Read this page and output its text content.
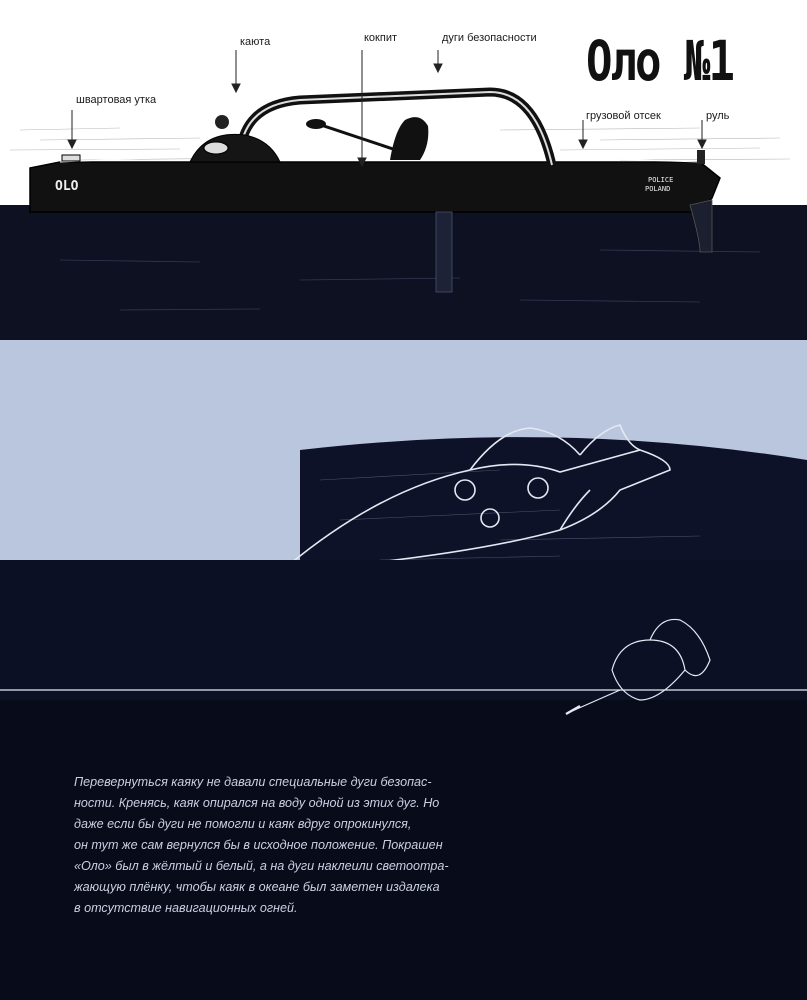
OLO	POLICE
POLAND
каюта	кокпит	дуги безопасности
швартовая утка
грузовой отсек	руль
Оло №1
Перевернуться каяку не давали специальные дуги безопас-
ности. Кренясь, каяк опирался на воду одной из этих дуг. Но
даже если бы дуги не помогли и каяк вдруг опрокинулся,
он тут же сам вернулся бы в исходное положение. Покрашен
«Оло» был в жёлтый и белый, а на дуги наклеили светоотра-
жающую плёнку, чтобы каяк в океане был заметен издалека
в отсутствие навигационных огней.
